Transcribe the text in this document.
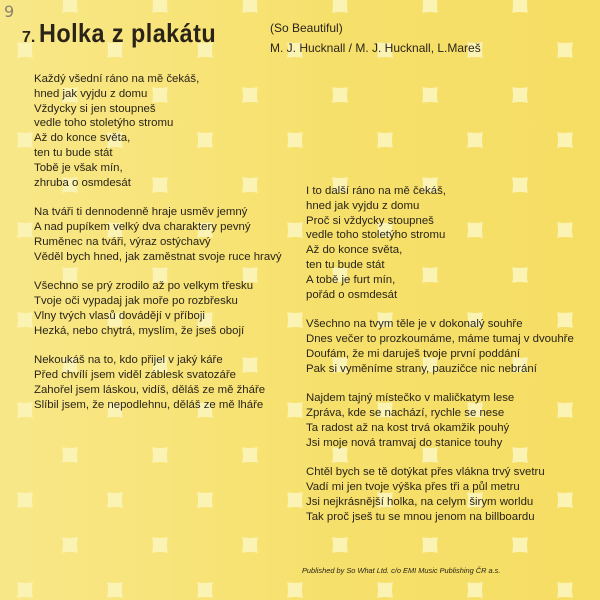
9
7. Holka z plakátu	(So Beautiful)
M. J. Hucknall / M. J. Hucknall, L.Mareš
Každý všední ráno na mě čekáš,
hned jak vyjdu z domu
Vždycky si jen stoupneš
vedle toho stoletýho stromu
Až do konce světa,
ten tu bude stát
Tobě je však mín,
zhruba o osmdesát
Na tváři ti dennodenně hraje usměv jemný
A nad pupíkem velký dva charaktery pevný
Ruměnec na tváři, výraz ostýchavý
Věděl bych hned, jak zaměstnat svoje ruce hravý
Všechno se prý zrodilo až po velkym třesku
Tvoje oči vypadaj jak moře po rozbřesku
Vlny tvých vlasů dovádějí v příboji
Hezká, nebo chytrá, myslím, že jseš obojí
Nekoukáš na to, kdo přijel v jaký káře
Před chvílí jsem viděl záblesk svatozáře
Zahořel jsem láskou, vidíš, děláš ze mě žháře
Slíbil jsem, že nepodlehnu, děláš ze mě lháře
I to další ráno na mě čekáš,
hned jak vyjdu z domu
Proč si vždycky stoupneš
vedle toho stoletýho stromu
Až do konce světa,
ten tu bude stát
A tobě je furt mín,
pořád o osmdesát
Všechno na tvym těle je v dokonalý souhře
Dnes večer to prozkoumáme, máme tumaj v dvouhře
Doufám, že mi daruješ tvoje první poddání
Pak si vyměníme strany, pauzičce nic nebrání
Najdem tajný místečko v maličkatym lese
Zpráva, kde se nachází, rychle se nese
Ta radost až na kost trvá okamžik pouhý
Jsi moje nová tramvaj do stanice touhy
Chtěl bych se tě dotýkat přes vlákna trvý svetru
Vadí mi jen tvoje výška přes tři a půl metru
Jsi nejkrásnější holka, na celym širym worldu
Tak proč jseš tu se mnou jenom na billboardu
Published by So What Ltd. c/o EMI Music Publishing ČR a.s.
